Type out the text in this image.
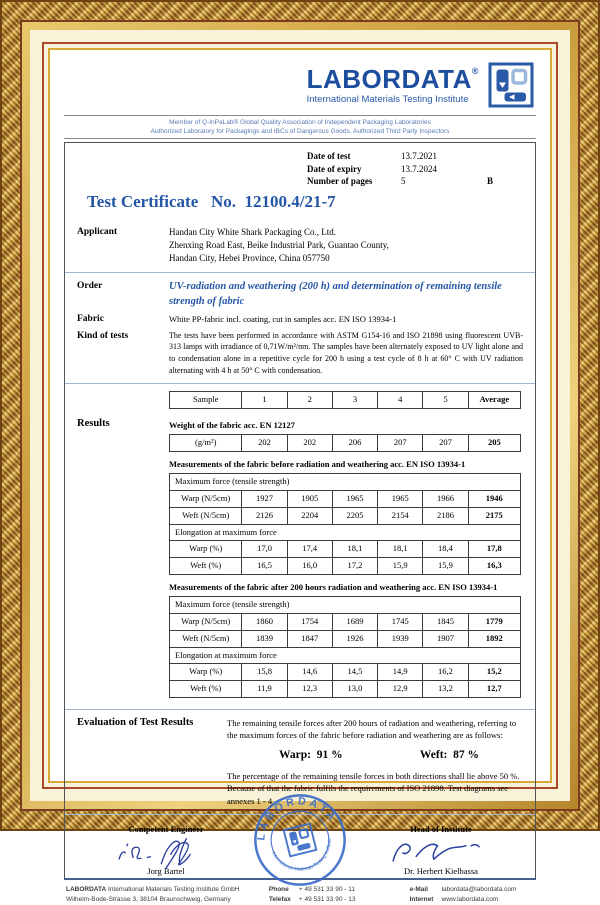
LABORDATA®
International Materials Testing Institute
Member of Q-InPaLab® Global Quality Association of Independent Packaging Laboratories
Authorized Laboratory for Packagings and IBCs of Dangerous Goods. Authorized Third Party Inspectors
Date of test	13.7.2021
Date of expiry	13.7.2024
Number of pages	5	B
Test Certificate   No.  12100.4/21-7
Applicant	Handan City White Shark Packaging Co., Ltd.
Zhenxing Road East, Beike Industrial Park, Guantao County,
Handan City, Hebei Province, China 057750
Order	UV-radiation and weathering (200 h) and determination of remaining tensile strength of fabric
Fabric	White PP-fabric incl. coating, cut in samples acc. EN ISO 13934-1
Kind of tests	The tests have been performed in accordance with ASTM G154-16 and ISO 21898 using fluorescent UVB-313 lamps with irradiance of 0,71W/m²/nm. The samples have been alternately exposed to UV light alone and to condensation alone in a repetitive cycle for 200 h using a test cycle of 8 h at 60° C with UV radiation alternating with 4 h at 50° C with condensation.
Sample	1	2	3	4	5	Average
Results	Weight of the fabric acc. EN 12127
(g/m²)	202	202	206	207	207	205
Measurements of the fabric before radiation and weathering acc. EN ISO 13934-1
Maximum force (tensile strength)						
Warp (N/5cm)	1927	1905	1965	1965	1966	1946
Weft (N/5cm)	2126	2204	2205	2154	2186	2175
Elongation at maximum force						
Warp (%)	17,0	17,4	18,1	18,1	18,4	17,8
Weft (%)	16,5	16,0	17,2	15,9	15,9	16,3
Measurements of the fabric after 200 hours radiation and weathering acc. EN ISO 13934-1
Maximum force (tensile strength)						
Warp (N/5cm)	1860	1754	1689	1745	1845	1779
Weft (N/5cm)	1839	1847	1926	1939	1907	1892
Elongation at maximum force						
Warp (%)	15,8	14,6	14,5	14,9	16,2	15,2
Weft (%)	11,9	12,3	13,0	12,9	13,2	12,7
Evaluation of Test Results	The remaining tensile forces after 200 hours of radiation and weathering, referring to the maximum forces of the fabric before radiation and weathering are as follows:
Warp:  91 %	Weft:  87 %
The percentage of the remaining tensile forces in both directions shall lie above 50 %. Because of that the fabric fulfils the requirements of ISO 21898. Test diagrams see annexes 1 - 4.
Competent Engineer
Jorg Bartel
LABORDATA
International Materials Testing Institute
Head of Institute
Dr. Herbert Kielbassa
LABORDATA International Materials Testing Institute GmbH
Wilhelm-Bode-Strasse 3, 38104 Braunschweig, Germany
Phone	+ 49 531 33 90 - 11
Telefax	+ 49 531 33 90 - 13
e-Mail	labordata@labordata.com
Internet	www.labordata.com
